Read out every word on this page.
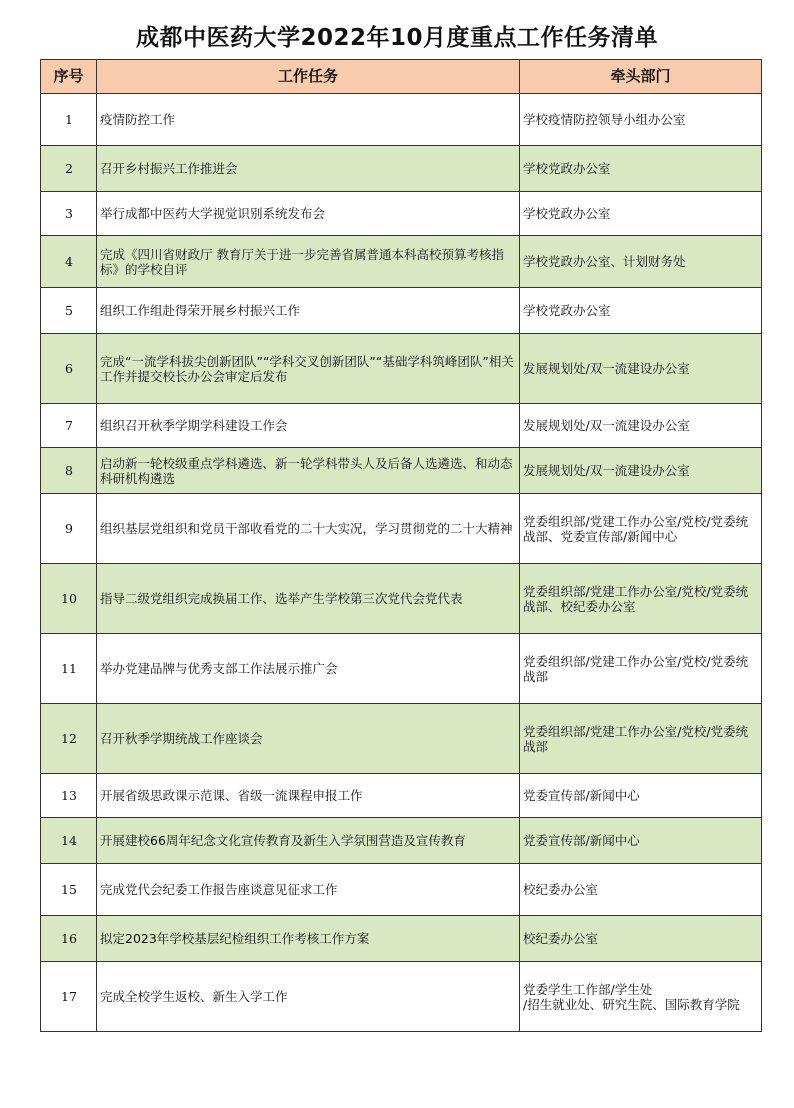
成都中医药大学2022年10月度重点工作任务清单
序号	工作任务	牵头部门
1	疫情防控工作	学校疫情防控领导小组办公室
2	召开乡村振兴工作推进会	学校党政办公室
3	举行成都中医药大学视觉识别系统发布会	学校党政办公室
4	完成《四川省财政厅 教育厅关于进一步完善省属普通本科高校预算考核指标》的学校自评	学校党政办公室、计划财务处
5	组织工作组赴得荣开展乡村振兴工作	学校党政办公室
6	完成“一流学科拔尖创新团队”“学科交叉创新团队”“基础学科筑峰团队”相关工作并提交校长办公会审定后发布	发展规划处/双一流建设办公室
7	组织召开秋季学期学科建设工作会	发展规划处/双一流建设办公室
8	启动新一轮校级重点学科遴选、新一轮学科带头人及后备人选遴选、和动态科研机构遴选	发展规划处/双一流建设办公室
9	组织基层党组织和党员干部收看党的二十大实况，学习贯彻党的二十大精神	党委组织部/党建工作办公室/党校/党委统战部、党委宣传部/新闻中心
10	指导二级党组织完成换届工作、选举产生学校第三次党代会党代表	党委组织部/党建工作办公室/党校/党委统战部、校纪委办公室
11	举办党建品牌与优秀支部工作法展示推广会	党委组织部/党建工作办公室/党校/党委统战部
12	召开秋季学期统战工作座谈会	党委组织部/党建工作办公室/党校/党委统战部
13	开展省级思政课示范课、省级一流课程申报工作	党委宣传部/新闻中心
14	开展建校66周年纪念文化宣传教育及新生入学氛围营造及宣传教育	党委宣传部/新闻中心
15	完成党代会纪委工作报告座谈意见征求工作	校纪委办公室
16	拟定2023年学校基层纪检组织工作考核工作方案	校纪委办公室
17	完成全校学生返校、新生入学工作	党委学生工作部/学生处
/招生就业处、研究生院、国际教育学院
